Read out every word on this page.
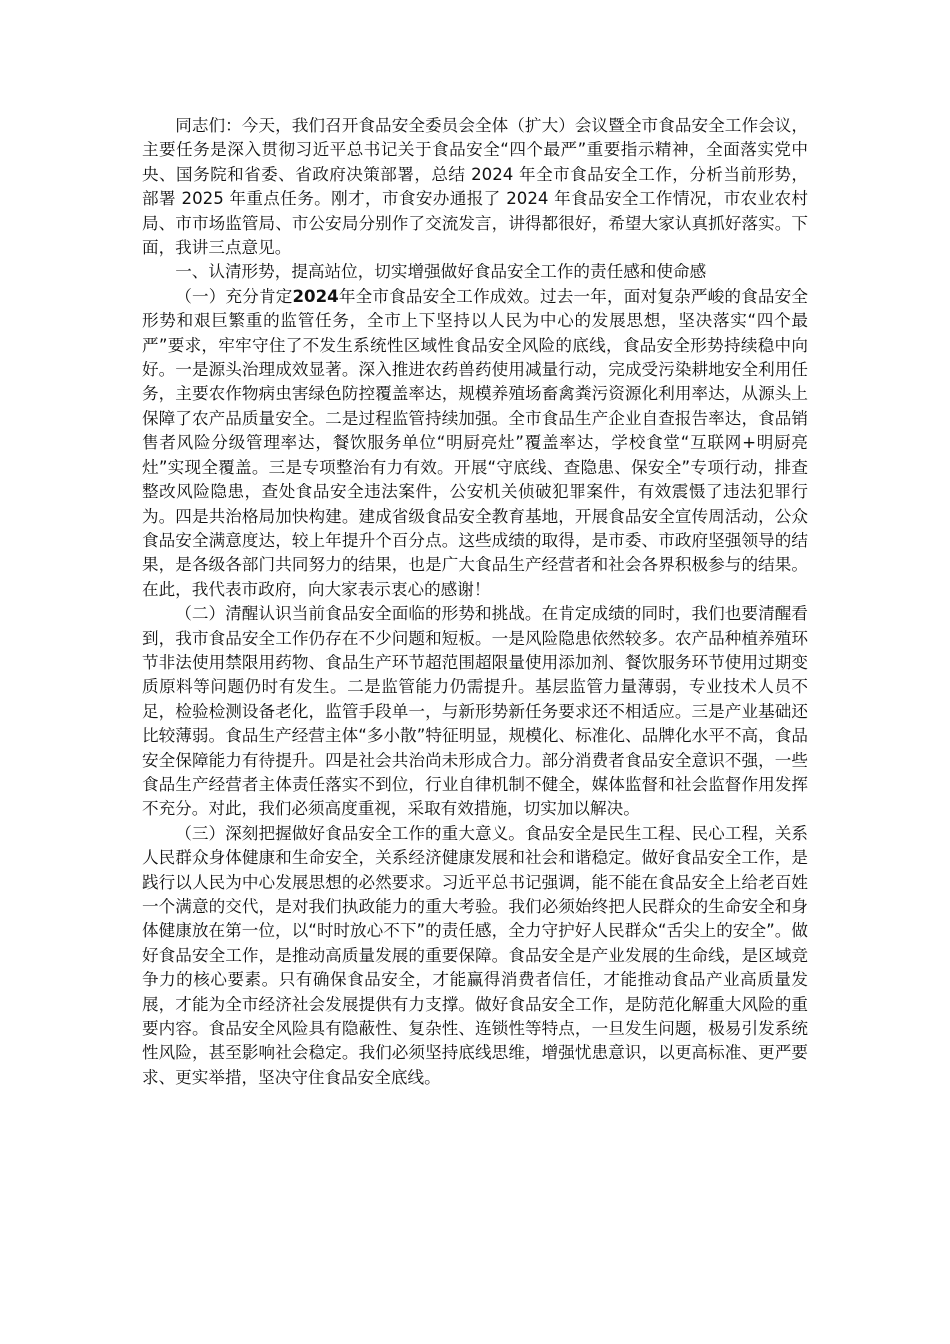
同志们：今天，我们召开食品安全委员会全体（扩大）会议暨全市食品安全工作会议，主要任务是深入贯彻习近平总书记关于食品安全“四个最严”重要指示精神，全面落实党中央、国务院和省委、省政府决策部署，总结 2024 年全市食品安全工作，分析当前形势，部署 2025 年重点任务。刚才，市食安办通报了 2024 年食品安全工作情况，市农业农村局、市市场监管局、市公安局分别作了交流发言，讲得都很好，希望大家认真抓好落实。下面，我讲三点意见。

一、认清形势，提高站位，切实增强做好食品安全工作的责任感和使命感

（一）充分肯定2024年全市食品安全工作成效。过去一年，面对复杂严峻的食品安全形势和艰巨繁重的监管任务，全市上下坚持以人民为中心的发展思想，坚决落实“四个最严”要求，牢牢守住了不发生系统性区域性食品安全风险的底线，食品安全形势持续稳中向好。一是源头治理成效显著。深入推进农药兽药使用减量行动，完成受污染耕地安全利用任务，主要农作物病虫害绿色防控覆盖率达，规模养殖场畜禽粪污资源化利用率达，从源头上保障了农产品质量安全。二是过程监管持续加强。全市食品生产企业自查报告率达，食品销售者风险分级管理率达，餐饮服务单位“明厨亮灶”覆盖率达，学校食堂“互联网+明厨亮灶”实现全覆盖。三是专项整治有力有效。开展“守底线、查隐患、保安全”专项行动，排查整改风险隐患，查处食品安全违法案件，公安机关侦破犯罪案件，有效震慑了违法犯罪行为。四是共治格局加快构建。建成省级食品安全教育基地，开展食品安全宣传周活动，公众食品安全满意度达，较上年提升个百分点。这些成绩的取得，是市委、市政府坚强领导的结果，是各级各部门共同努力的结果，也是广大食品生产经营者和社会各界积极参与的结果。在此，我代表市政府，向大家表示衷心的感谢！

（二）清醒认识当前食品安全面临的形势和挑战。在肯定成绩的同时，我们也要清醒看到，我市食品安全工作仍存在不少问题和短板。一是风险隐患依然较多。农产品种植养殖环节非法使用禁限用药物、食品生产环节超范围超限量使用添加剂、餐饮服务环节使用过期变质原料等问题仍时有发生。二是监管能力仍需提升。基层监管力量薄弱，专业技术人员不足，检验检测设备老化，监管手段单一，与新形势新任务要求还不相适应。三是产业基础还比较薄弱。食品生产经营主体“多小散”特征明显，规模化、标准化、品牌化水平不高，食品安全保障能力有待提升。四是社会共治尚未形成合力。部分消费者食品安全意识不强，一些食品生产经营者主体责任落实不到位，行业自律机制不健全，媒体监督和社会监督作用发挥不充分。对此，我们必须高度重视，采取有效措施，切实加以解决。

（三）深刻把握做好食品安全工作的重大意义。食品安全是民生工程、民心工程，关系人民群众身体健康和生命安全，关系经济健康发展和社会和谐稳定。做好食品安全工作，是践行以人民为中心发展思想的必然要求。习近平总书记强调，能不能在食品安全上给老百姓一个满意的交代，是对我们执政能力的重大考验。我们必须始终把人民群众的生命安全和身体健康放在第一位，以“时时放心不下”的责任感，全力守护好人民群众“舌尖上的安全”。做好食品安全工作，是推动高质量发展的重要保障。食品安全是产业发展的生命线，是区域竞争力的核心要素。只有确保食品安全，才能赢得消费者信任，才能推动食品产业高质量发展，才能为全市经济社会发展提供有力支撑。做好食品安全工作，是防范化解重大风险的重要内容。食品安全风险具有隐蔽性、复杂性、连锁性等特点，一旦发生问题，极易引发系统性风险，甚至影响社会稳定。我们必须坚持底线思维，增强忧患意识，以更高标准、更严要求、更实举措，坚决守住食品安全底线。
